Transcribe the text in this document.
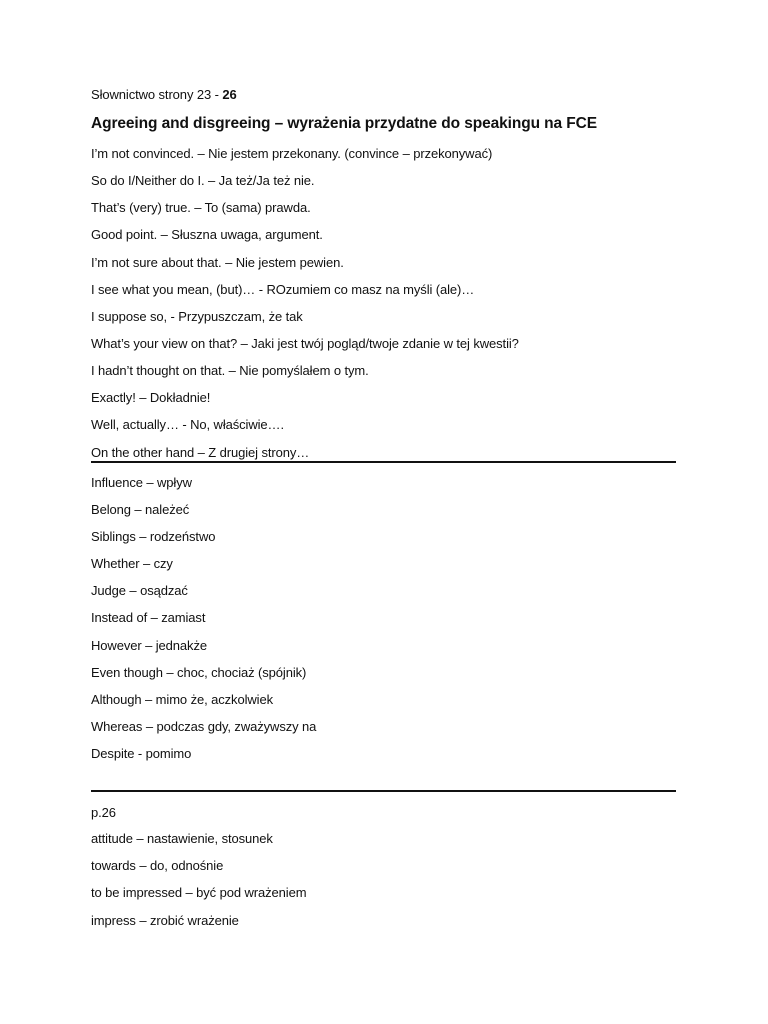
Słownictwo strony 23 - 26
Agreeing and disgreeing – wyrażenia przydatne do speakingu na FCE
I’m not convinced. – Nie jestem przekonany. (convince – przekonywać)
So do I/Neither do I. – Ja też/Ja też nie.
That’s (very) true. – To (sama) prawda.
Good point. – Słuszna uwaga, argument.
I’m not sure about that. – Nie jestem pewien.
I see what you mean, (but)… - ROzumiem co masz na myśli (ale)…
I suppose so, - Przypuszczam, że tak
What’s your view on that? – Jaki jest twój pogląd/twoje zdanie w tej kwestii?
I hadn’t thought on that. – Nie pomyślałem o tym.
Exactly! – Dokładnie!
Well, actually… - No, właściwie….
On the other hand – Z drugiej strony…
Influence – wpływ
Belong – należeć
Siblings – rodzeństwo
Whether – czy
Judge – osądzać
Instead of – zamiast
However – jednakże
Even though – choc, chociaż (spójnik)
Although – mimo że, aczkolwiek
Whereas – podczas gdy, zważywszy na
Despite - pomimo
p.26
attitude – nastawienie, stosunek
towards – do, odnośnie
to be impressed – być pod wrażeniem
impress – zrobić wrażenie
